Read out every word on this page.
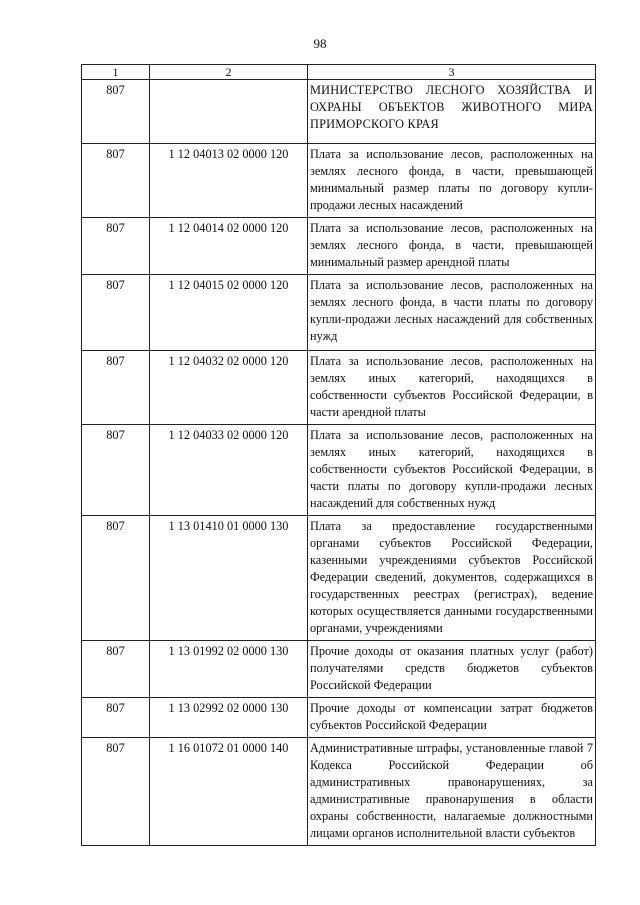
98
1	2	3
807		МИНИСТЕРСТВО ЛЕСНОГО ХОЗЯЙСТВА И ОХРАНЫ ОБЪЕКТОВ ЖИВОТНОГО МИРА ПРИМОРСКОГО КРАЯ
807	1 12 04013 02 0000 120	Плата за использование лесов, расположенных на землях лесного фонда, в части, превышающей минимальный размер платы по договору купли-продажи лесных насаждений
807	1 12 04014 02 0000 120	Плата за использование лесов, расположенных на землях лесного фонда, в части, превышающей минимальный размер арендной платы
807	1 12 04015 02 0000 120	Плата за использование лесов, расположенных на землях лесного фонда, в части платы по договору купли-продажи лесных насаждений для собственных нужд
807	1 12 04032 02 0000 120	Плата за использование лесов, расположенных на землях иных категорий, находящихся в собственности субъектов Российской Федерации, в части арендной платы
807	1 12 04033 02 0000 120	Плата за использование лесов, расположенных на землях иных категорий, находящихся в собственности субъектов Российской Федерации, в части платы по договору купли-продажи лесных насаждений для собственных нужд
807	1 13 01410 01 0000 130	Плата за предоставление государственными органами субъектов Российской Федерации, казенными учреждениями субъектов Российской Федерации сведений, документов, содержащихся в государственных реестрах (регистрах), ведение которых осуществляется данными государственными органами, учреждениями
807	1 13 01992 02 0000 130	Прочие доходы от оказания платных услуг (работ) получателями средств бюджетов субъектов Российской Федерации
807	1 13 02992 02 0000 130	Прочие доходы от компенсации затрат бюджетов субъектов Российской Федерации
807	1 16 01072 01 0000 140	Административные штрафы, установленные главой 7 Кодекса Российской Федерации об административных правонарушениях, за административные правонарушения в области охраны собственности, налагаемые должностными лицами органов исполнительной власти субъектов
